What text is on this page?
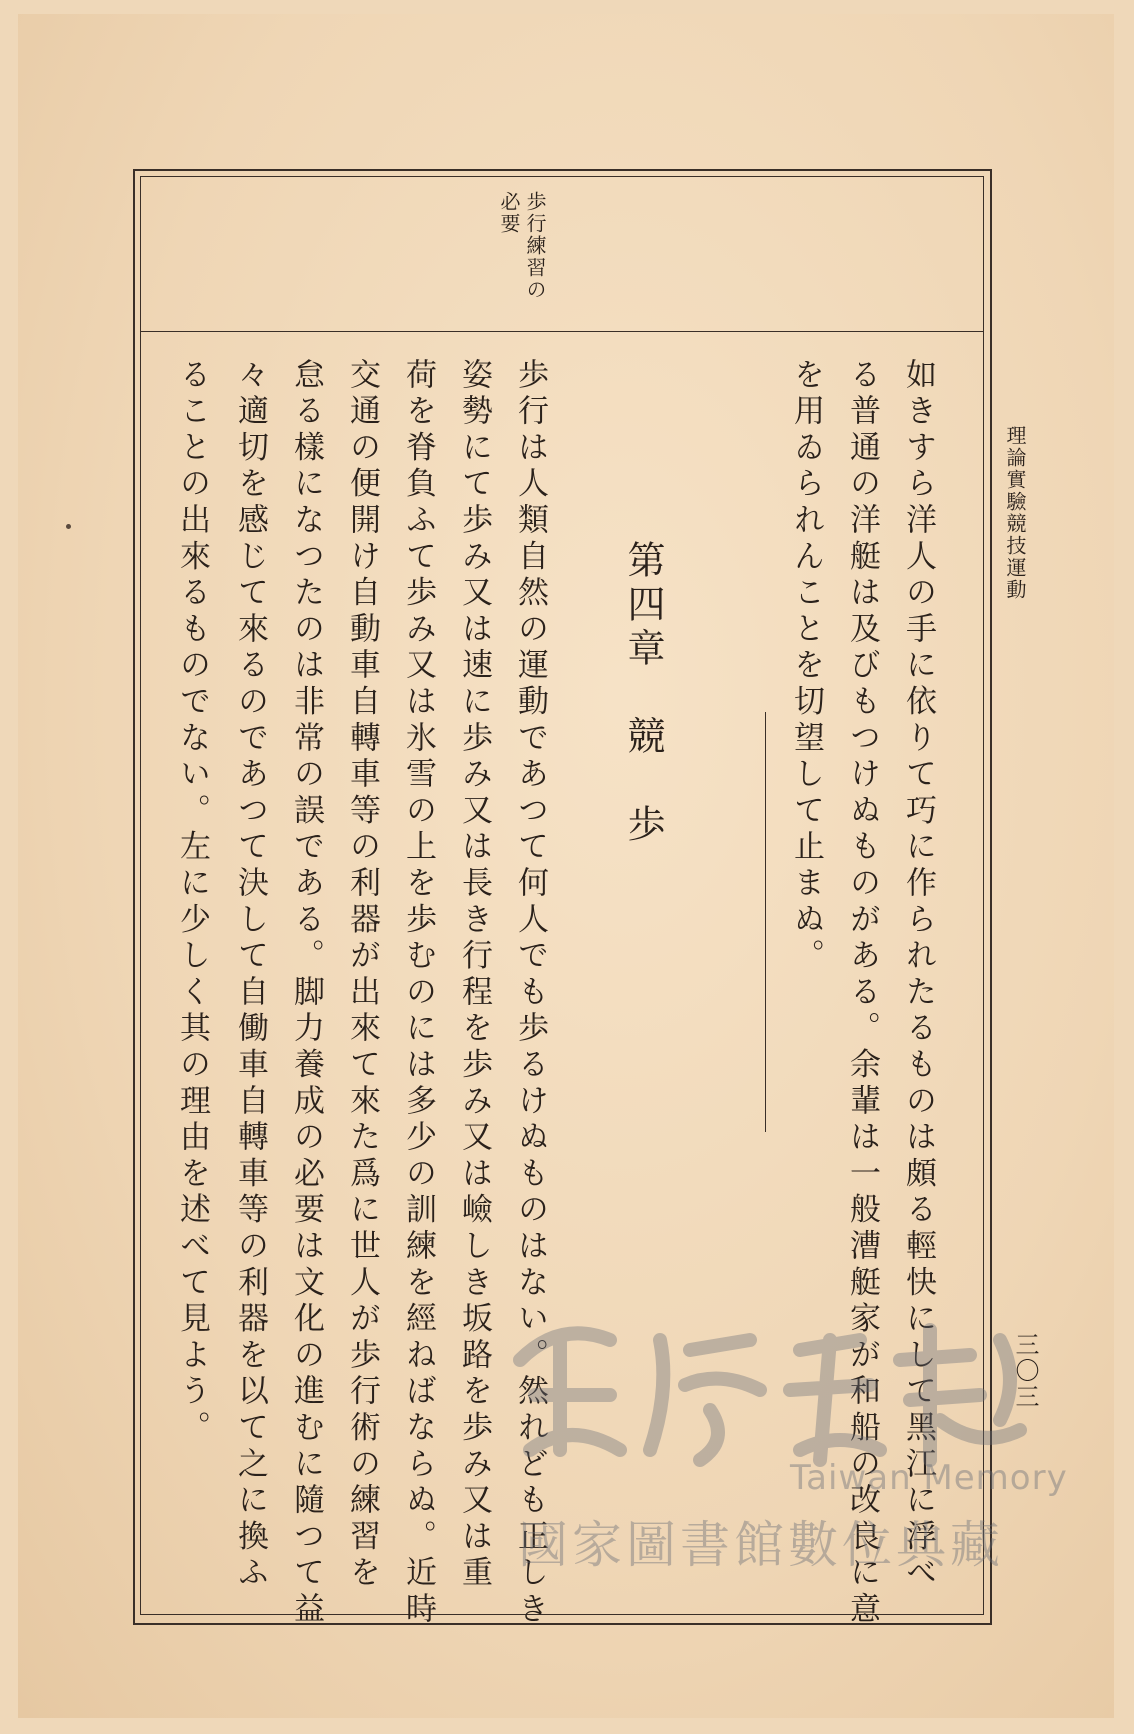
理論實驗競技運動
三〇三
歩行練習の必要
如きすら洋人の手に依りて巧に作られたるものは頗る輕快にして黑江に浮べ
る普通の洋艇は及びもつけぬものがある。余輩は一般漕艇家が和船の改良に意
を用ゐられんことを切望して止まぬ。
第四章　競　歩
歩行は人類自然の運動であつて何人でも歩るけぬものはない。然れども正しき
姿勢にて歩み又は速に歩み又は長き行程を歩み又は嶮しき坂路を歩み又は重
荷を脊負ふて歩み又は氷雪の上を歩むのには多少の訓練を經ねばならぬ。近時
交通の便開け自動車自轉車等の利器が出來て來た爲に世人が歩行術の練習を
怠る樣になつたのは非常の誤である。脚力養成の必要は文化の進むに隨つて益
々適切を感じて來るのであつて決して自働車自轉車等の利器を以て之に換ふ
ることの出來るものでない。左に少しく其の理由を述べて見よう。
Taiwan Memory
國家圖書館數位典藏
